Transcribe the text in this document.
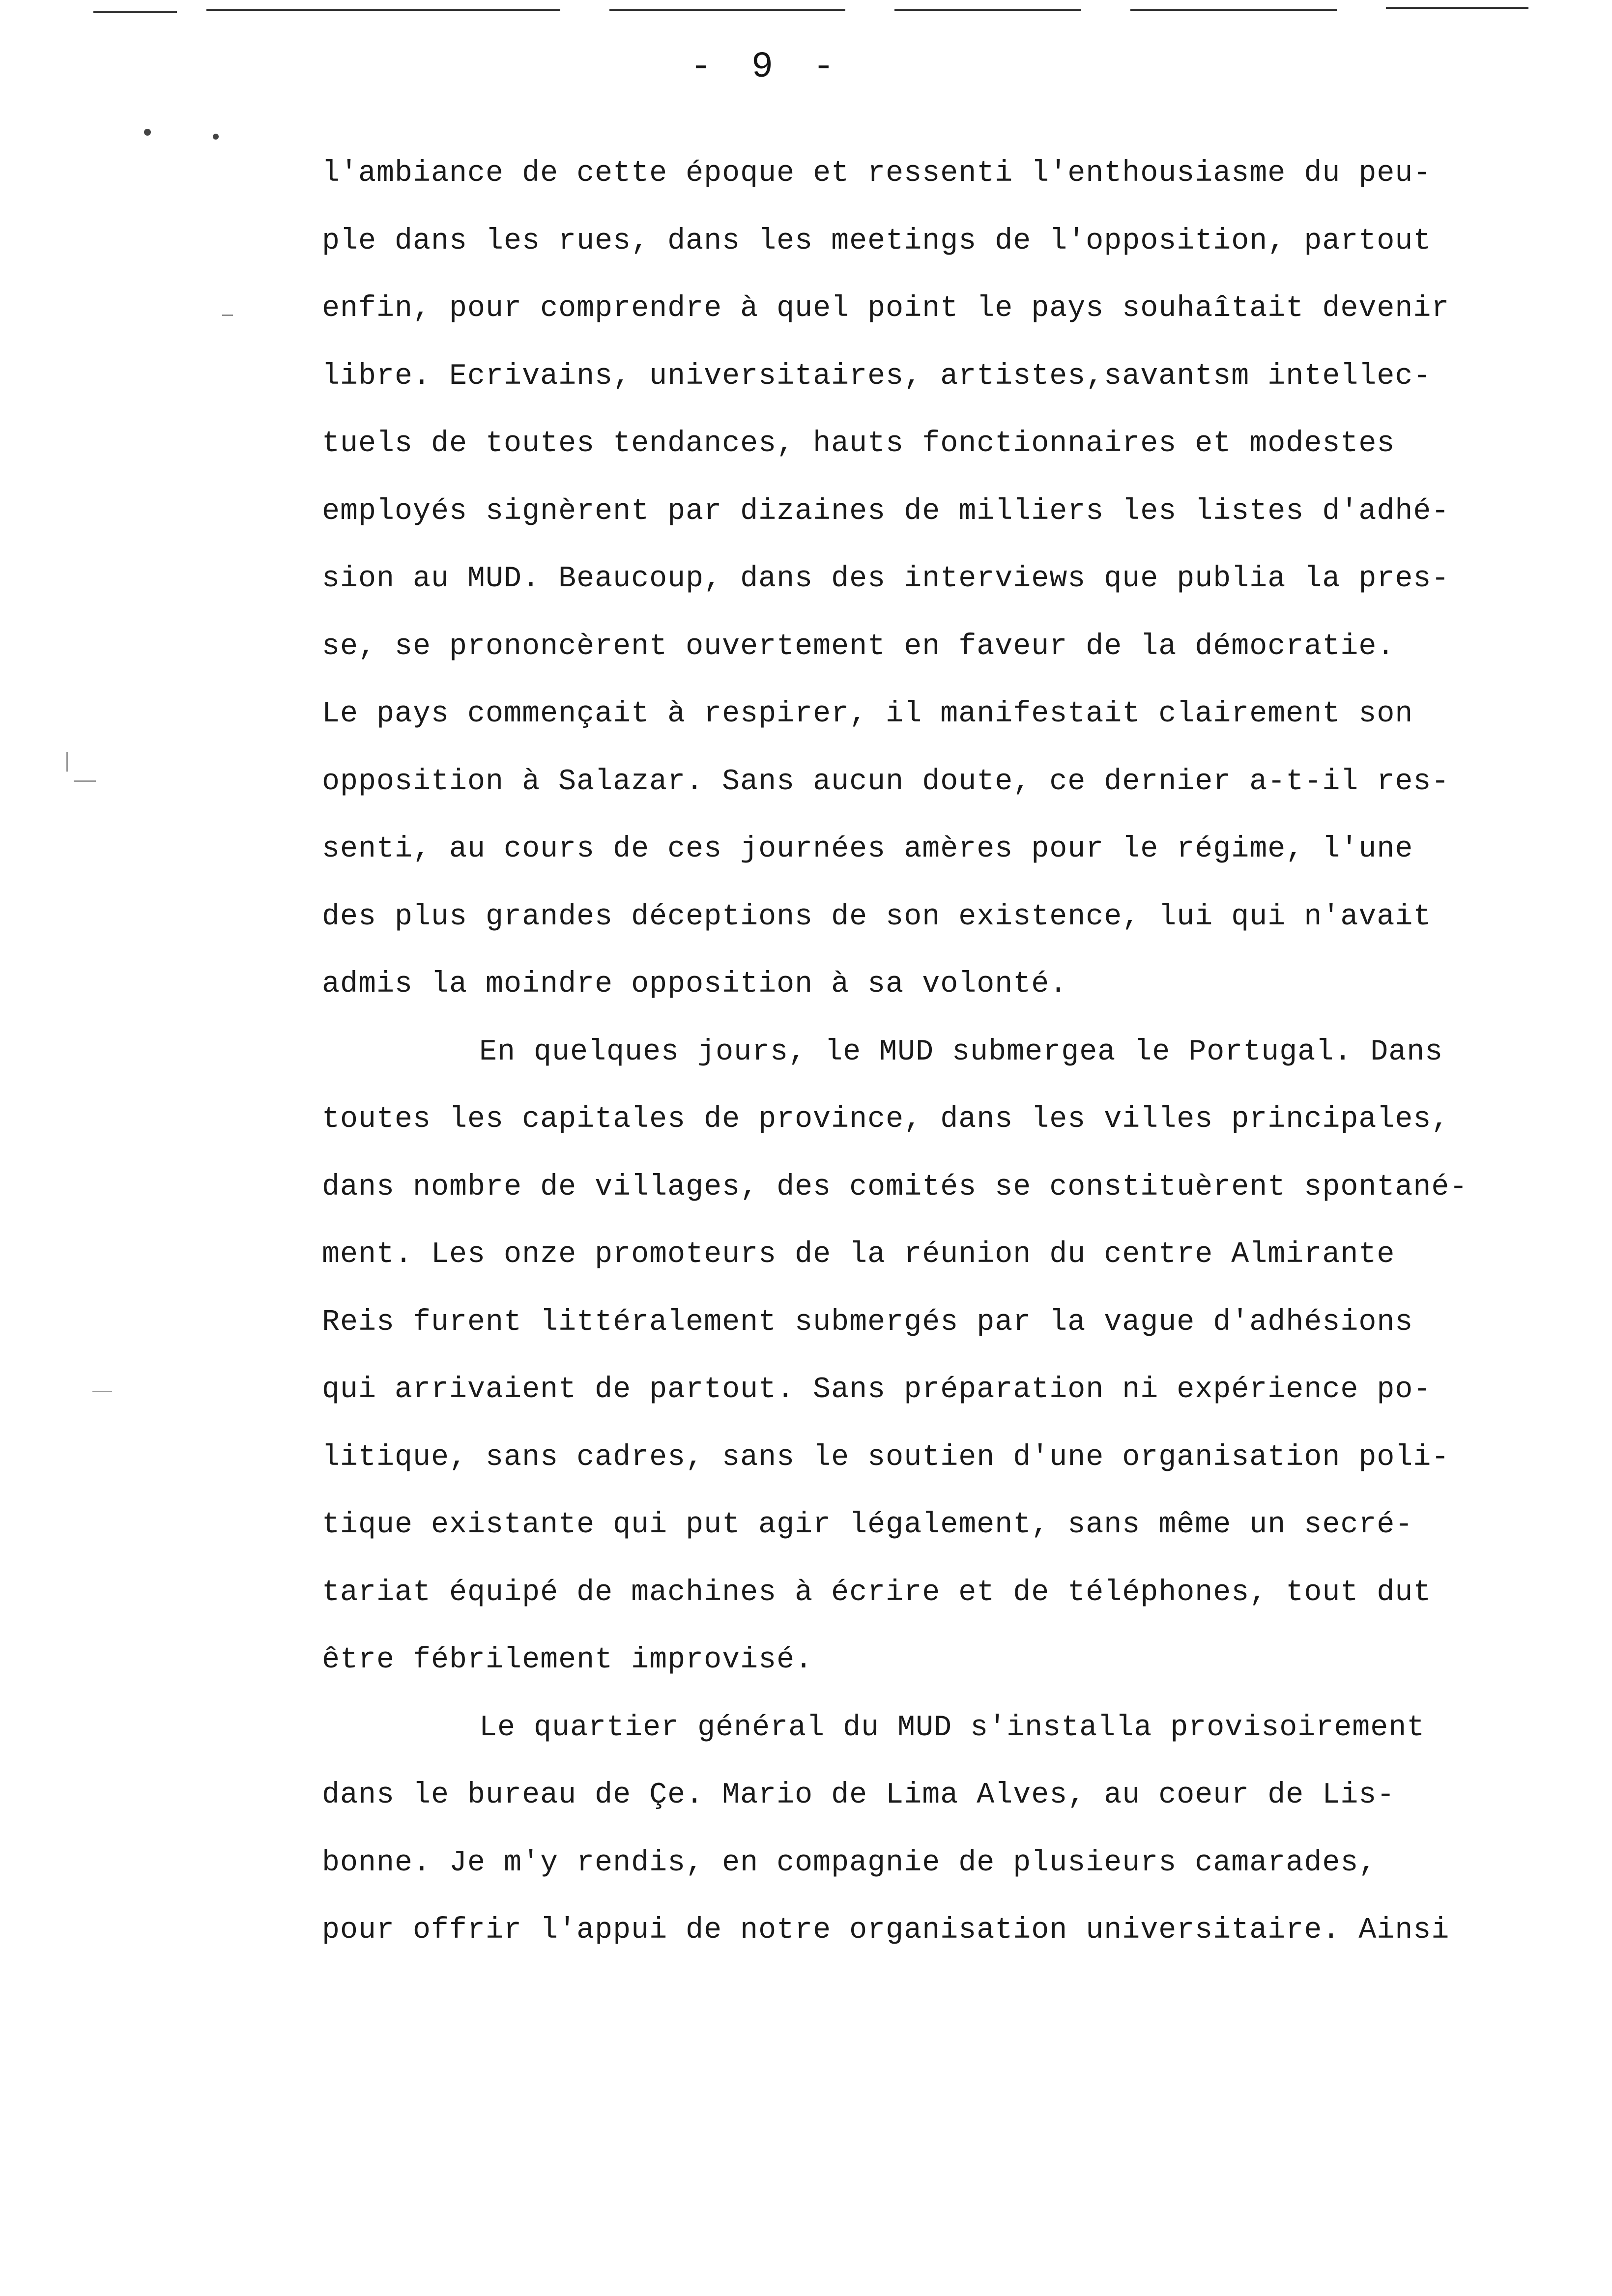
- 9 -
l'ambiance de cette époque et ressenti l'enthousiasme du peu-
ple dans les rues, dans les meetings de l'opposition, partout
enfin, pour comprendre à quel point le pays souhaîtait devenir
libre. Ecrivains, universitaires, artistes,savantsm intellec-
tuels de toutes tendances, hauts fonctionnaires et modestes
employés signèrent par dizaines de milliers les listes d'adhé-
sion au MUD. Beaucoup, dans des interviews que publia la pres-
se, se prononcèrent ouvertement en faveur de la démocratie.
Le pays commençait à respirer, il manifestait clairement son
opposition à Salazar. Sans aucun doute, ce dernier a-t-il res-
senti, au cours de ces journées amères pour le régime, l'une
des plus grandes déceptions de son existence, lui qui n'avait
admis la moindre opposition à sa volonté.
En quelques jours, le MUD submergea le Portugal. Dans
toutes les capitales de province, dans les villes principales,
dans nombre de villages, des comités se constituèrent spontané-
ment. Les onze promoteurs de la réunion du centre Almirante
Reis furent littéralement submergés par la vague d'adhésions
qui arrivaient de partout. Sans préparation ni expérience po-
litique, sans cadres, sans le soutien d'une organisation poli-
tique existante qui put agir légalement, sans même un secré-
tariat équipé de machines à écrire et de téléphones, tout dut
être fébrilement improvisé.
Le quartier général du MUD s'installa provisoirement
dans le bureau de Çe. Mario de Lima Alves, au coeur de Lis-
bonne. Je m'y rendis, en compagnie de plusieurs camarades,
pour offrir l'appui de notre organisation universitaire. Ainsi
